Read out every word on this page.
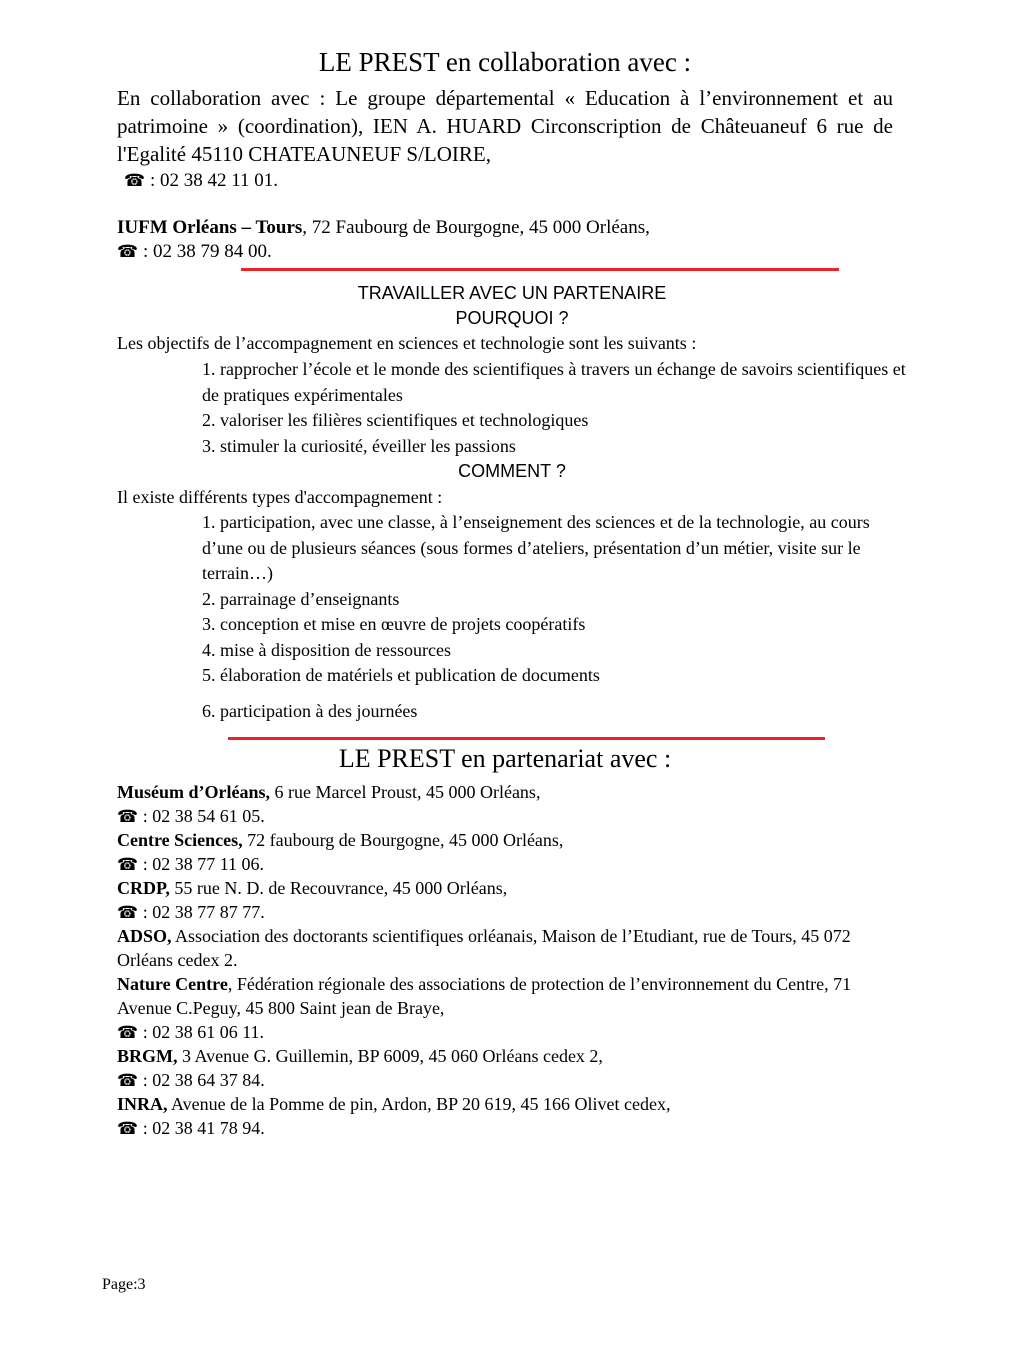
LE PREST en collaboration avec :
En collaboration avec : Le groupe départemental « Education à l’environnement et au patrimoine » (coordination), IEN A. HUARD Circonscription de Châteuaneuf 6 rue de l'Egalité 45110 CHATEAUNEUF S/LOIRE,
☎ : 02 38 42 11 01.
IUFM Orléans – Tours, 72 Faubourg de Bourgogne, 45 000 Orléans,
☎ : 02 38 79 84 00.
TRAVAILLER AVEC UN PARTENAIRE
POURQUOI ?
Les objectifs de l’accompagnement en sciences et technologie sont les suivants :
1. rapprocher l’école et le monde des scientifiques à travers un échange de savoirs scientifiques et de pratiques expérimentales
2. valoriser les filières scientifiques et technologiques
3. stimuler la curiosité, éveiller les passions
COMMENT ?
Il existe différents types d'accompagnement :
1. participation, avec une classe, à l’enseignement des sciences et de la technologie, au cours d’une ou de plusieurs séances (sous formes d’ateliers, présentation d’un métier, visite sur le terrain…)
2. parrainage d’enseignants
3. conception et mise en œuvre de projets coopératifs
4. mise à disposition de ressources
5. élaboration de matériels et publication de documents
6. participation à des journées
LE PREST en partenariat avec :
Muséum d’Orléans, 6 rue Marcel Proust, 45 000 Orléans,
☎ : 02 38 54 61 05.
Centre Sciences, 72 faubourg de Bourgogne, 45 000 Orléans,
☎ : 02 38 77 11 06.
CRDP, 55 rue N. D. de Recouvrance, 45 000 Orléans,
☎ : 02 38 77 87 77.
ADSO, Association des doctorants scientifiques orléanais, Maison de l’Etudiant, rue de Tours, 45 072 Orléans cedex 2.
Nature Centre, Fédération régionale des associations de protection de l’environnement du Centre, 71 Avenue C.Peguy, 45 800 Saint jean de Braye,
☎ : 02 38 61 06 11.
BRGM, 3 Avenue G. Guillemin, BP 6009, 45 060 Orléans cedex 2,
☎ : 02 38 64 37 84.
INRA, Avenue de la Pomme de pin, Ardon, BP 20 619, 45 166 Olivet cedex,
☎ : 02 38 41 78 94.
Page:3
